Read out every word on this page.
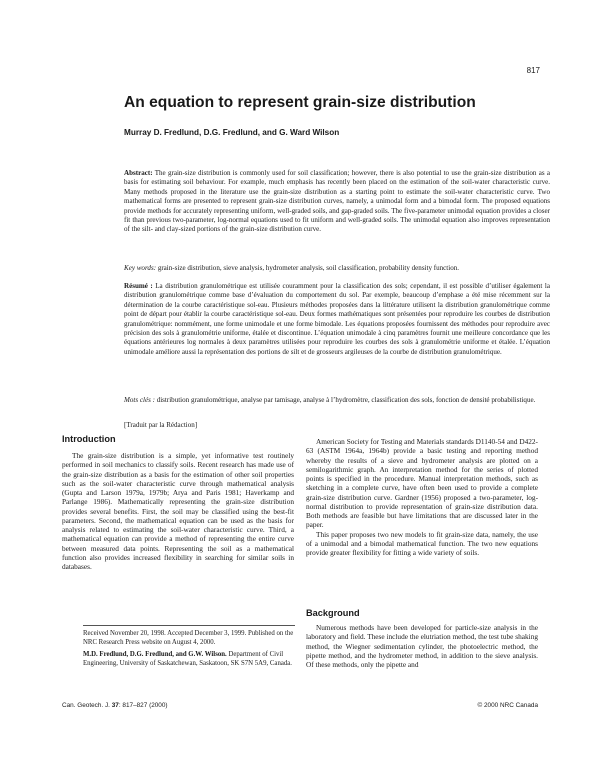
817
An equation to represent grain-size distribution
Murray D. Fredlund, D.G. Fredlund, and G. Ward Wilson
Abstract: The grain-size distribution is commonly used for soil classification; however, there is also potential to use the grain-size distribution as a basis for estimating soil behaviour. For example, much emphasis has recently been placed on the estimation of the soil-water characteristic curve. Many methods proposed in the literature use the grain-size distribution as a starting point to estimate the soil-water characteristic curve. Two mathematical forms are presented to represent grain-size distribution curves, namely, a unimodal form and a bimodal form. The proposed equations provide methods for accurately representing uniform, well-graded soils, and gap-graded soils. The five-parameter unimodal equation provides a closer fit than previous two-parameter, log-normal equations used to fit uniform and well-graded soils. The unimodal equation also improves representation of the silt- and clay-sized portions of the grain-size distribution curve.
Key words: grain-size distribution, sieve analysis, hydrometer analysis, soil classification, probability density function.
Résumé : La distribution granulométrique est utilisée couramment pour la classification des sols; cependant, il est possible d’utiliser également la distribution granulométrique comme base d’évaluation du comportement du sol. Par exemple, beaucoup d’emphase a été mise récemment sur la détermination de la courbe caractéristique sol-eau. Plusieurs méthodes proposées dans la littérature utilisent la distribution granulométrique comme point de départ pour établir la courbe caractéristique sol-eau. Deux formes mathématiques sont présentées pour reproduire les courbes de distribution granulométrique: nommément, une forme unimodale et une forme bimodale. Les équations proposées fournissent des méthodes pour reproduire avec précision des sols à granulométrie uniforme, étalée et discontinue. L’équation unimodale à cinq paramètres fournit une meilleure concordance que les équations antérieures log normales à deux paramètres utilisées pour reproduire les courbes des sols à granulométrie uniforme et étalée. L’équation unimodale améliore aussi la représentation des portions de silt et de grosseurs argileuses de la courbe de distribution granulométrique.
Mots clés : distribution granulométrique, analyse par tamisage, analyse à l’hydromètre, classification des sols, fonction de densité probabilistique.
[Traduit par la Rédaction]
Introduction

The grain-size distribution is a simple, yet informative test routinely performed in soil mechanics to classify soils. Recent research has made use of the grain-size distribution as a basis for the estimation of other soil properties such as the soil-water characteristic curve through mathematical analysis (Gupta and Larson 1979a, 1979b; Arya and Paris 1981; Haverkamp and Parlange 1986). Mathematically representing the grain-size distribution provides several benefits. First, the soil may be classified using the best-fit parameters. Second, the mathematical equation can be used as the basis for analysis related to estimating the soil-water characteristic curve. Third, a mathematical equation can provide a method of representing the entire curve between measured data points. Representing the soil as a mathematical function also provides increased flexibility in searching for similar soils in databases.

Received November 20, 1998. Accepted December 3, 1999. Published on the NRC Research Press website on August 4, 2000.

M.D. Fredlund, D.G. Fredlund, and G.W. Wilson. Department of Civil Engineering, University of Saskatchewan, Saskatoon, SK S7N 5A9, Canada.

American Society for Testing and Materials standards D1140-54 and D422-63 (ASTM 1964a, 1964b) provide a basic testing and reporting method whereby the results of a sieve and hydrometer analysis are plotted on a semilogarithmic graph. An interpretation method for the series of plotted points is specified in the procedure. Manual interpretation methods, such as sketching in a complete curve, have often been used to provide a complete grain-size distribution curve. Gardner (1956) proposed a two-parameter, log-normal distribution to provide representation of grain-size distribution data. Both methods are feasible but have limitations that are discussed later in the paper.

This paper proposes two new models to fit grain-size data, namely, the use of a unimodal and a bimodal mathematical function. The two new equations provide greater flexibility for fitting a wide variety of soils.

Background

Numerous methods have been developed for particle-size analysis in the laboratory and field. These include the elutriation method, the test tube shaking method, the Wiegner sedimentation cylinder, the photoelectric method, the pipette method, and the hydrometer method, in addition to the sieve analysis. Of these methods, only the pipette and

Can. Geotech. J. 37: 817–827 (2000)	© 2000 NRC Canada
